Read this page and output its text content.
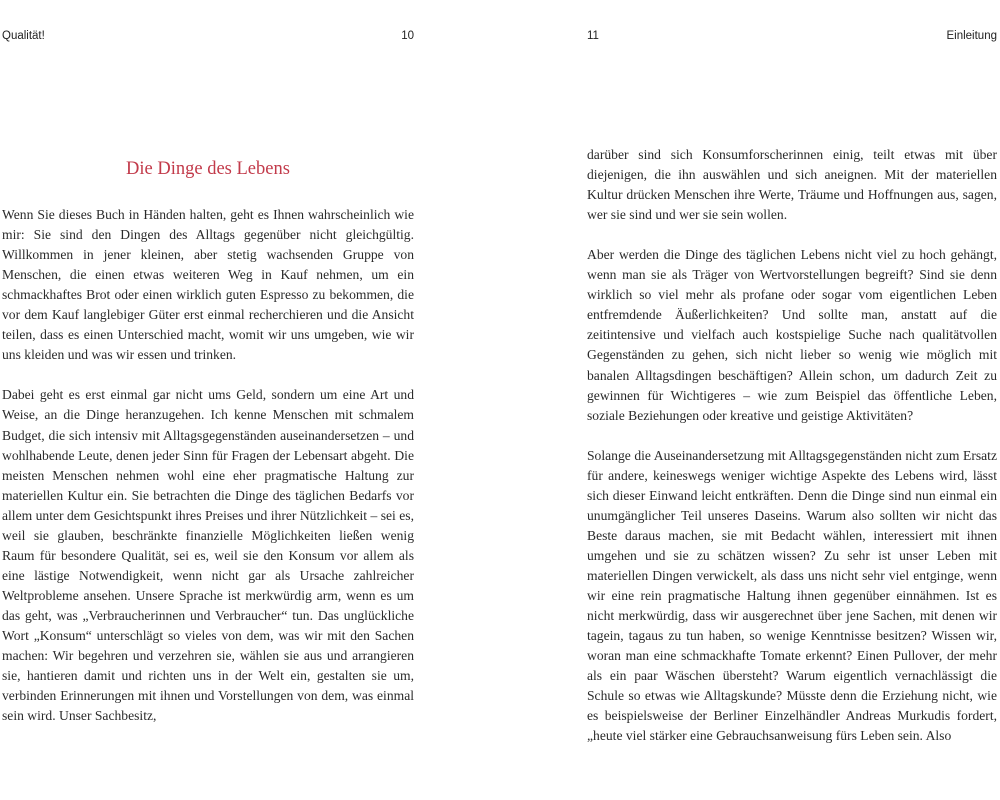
Qualität!	10
Die Dinge des Lebens

Wenn Sie dieses Buch in Händen halten, geht es Ihnen wahrscheinlich wie mir: Sie sind den Dingen des Alltags gegenüber nicht gleichgültig. Willkommen in jener kleinen, aber stetig wachsenden Gruppe von Menschen, die einen etwas weiteren Weg in Kauf nehmen, um ein schmackhaftes Brot oder einen wirklich guten Espresso zu bekommen, die vor dem Kauf langlebiger Güter erst einmal recherchieren und die Ansicht teilen, dass es einen Unterschied macht, womit wir uns umgeben, wie wir uns kleiden und was wir essen und trinken.

Dabei geht es erst einmal gar nicht ums Geld, sondern um eine Art und Weise, an die Dinge heranzugehen. Ich kenne Menschen mit schmalem Budget, die sich intensiv mit Alltagsgegenständen auseinandersetzen – und wohlhabende Leute, denen jeder Sinn für Fragen der Lebensart abgeht. Die meisten Menschen nehmen wohl eine eher pragmatische Haltung zur materiellen Kultur ein. Sie betrachten die Dinge des täglichen Bedarfs vor allem unter dem Gesichtspunkt ihres Preises und ihrer Nützlichkeit – sei es, weil sie glauben, beschränkte finanzielle Möglichkeiten ließen wenig Raum für besondere Qualität, sei es, weil sie den Konsum vor allem als eine lästige Notwendigkeit, wenn nicht gar als Ursache zahlreicher Weltprobleme ansehen. Unsere Sprache ist merkwürdig arm, wenn es um das geht, was „Verbraucherinnen und Verbraucher“ tun. Das unglückliche Wort „Konsum“ unterschlägt so vieles von dem, was wir mit den Sachen machen: Wir begehren und verzehren sie, wählen sie aus und arrangieren sie, hantieren damit und richten uns in der Welt ein, gestalten sie um, verbinden Erinnerungen mit ihnen und Vorstellungen von dem, was einmal sein wird. Unser Sachbesitz,

11	Einleitung

darüber sind sich Konsumforscherinnen einig, teilt etwas mit über diejenigen, die ihn auswählen und sich aneignen. Mit der materiellen Kultur drücken Menschen ihre Werte, Träume und Hoffnungen aus, sagen, wer sie sind und wer sie sein wollen.

Aber werden die Dinge des täglichen Lebens nicht viel zu hoch gehängt, wenn man sie als Träger von Wertvorstellungen begreift? Sind sie denn wirklich so viel mehr als profane oder sogar vom eigentlichen Leben entfremdende Äußerlichkeiten? Und sollte man, anstatt auf die zeitintensive und vielfach auch kostspielige Suche nach qualitätvollen Gegenständen zu gehen, sich nicht lieber so wenig wie möglich mit banalen Alltagsdingen beschäftigen? Allein schon, um dadurch Zeit zu gewinnen für Wichtigeres – wie zum Beispiel das öffentliche Leben, soziale Beziehungen oder kreative und geistige Aktivitäten?

Solange die Auseinandersetzung mit Alltagsgegenständen nicht zum Ersatz für andere, keineswegs weniger wichtige Aspekte des Lebens wird, lässt sich dieser Einwand leicht entkräften. Denn die Dinge sind nun einmal ein unumgänglicher Teil unseres Daseins. Warum also sollten wir nicht das Beste daraus machen, sie mit Bedacht wählen, interessiert mit ihnen umgehen und sie zu schätzen wissen? Zu sehr ist unser Leben mit materiellen Dingen verwickelt, als dass uns nicht sehr viel entginge, wenn wir eine rein pragmatische Haltung ihnen gegenüber einnähmen. Ist es nicht merkwürdig, dass wir ausgerechnet über jene Sachen, mit denen wir tagein, tagaus zu tun haben, so wenige Kenntnisse besitzen? Wissen wir, woran man eine schmackhafte Tomate erkennt? Einen Pullover, der mehr als ein paar Wäschen übersteht? Warum eigentlich vernachlässigt die Schule so etwas wie Alltagskunde? Müsste denn die Erziehung nicht, wie es beispielsweise der Berliner Einzelhändler Andreas Murkudis fordert, „heute viel stärker eine Gebrauchsanweisung fürs Leben sein. Also
